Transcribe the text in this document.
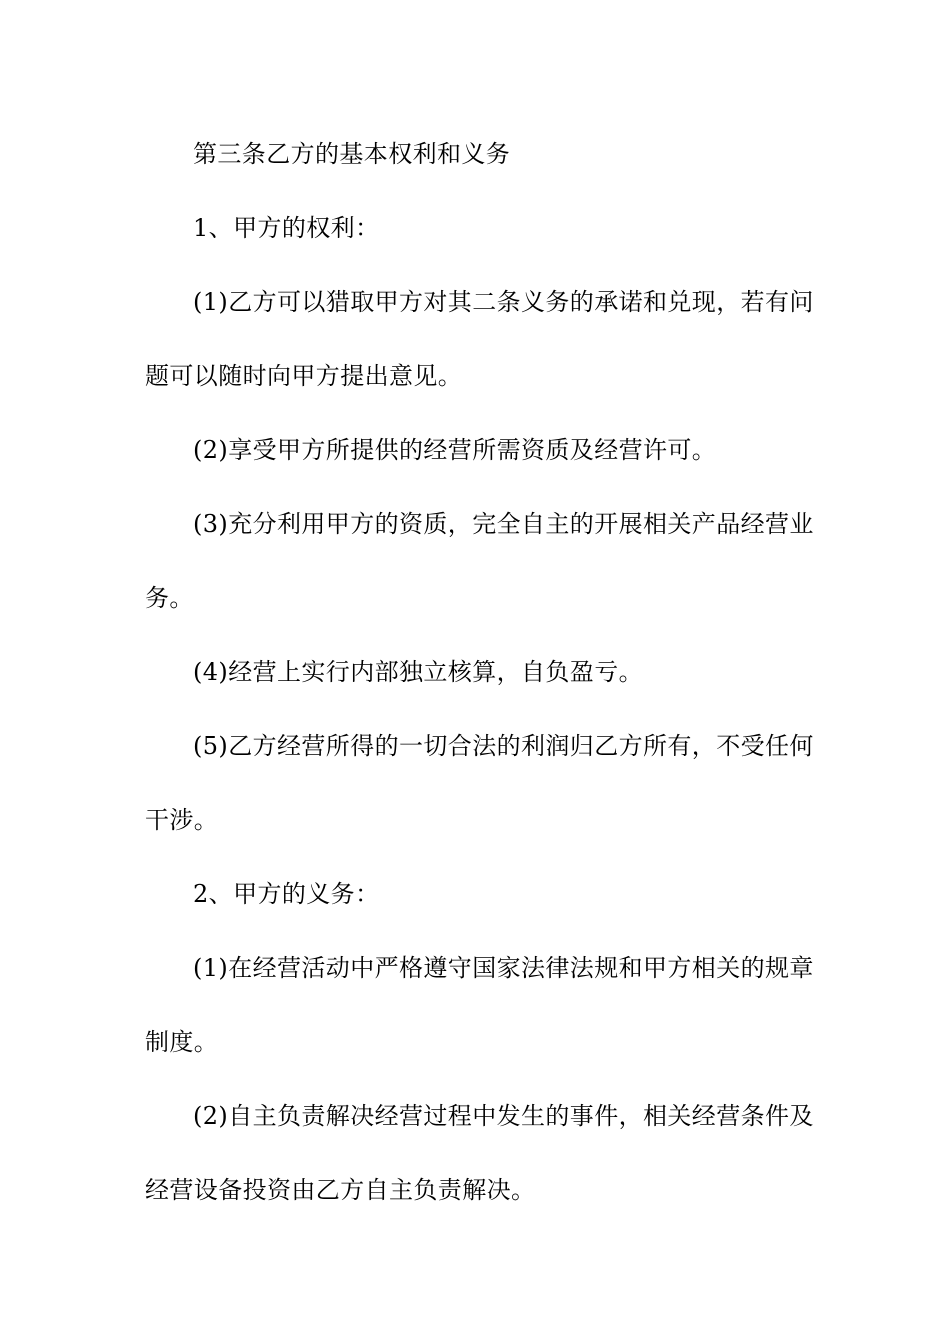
第三条乙方的基本权利和义务
1、甲方的权利：
(1)乙方可以猎取甲方对其二条义务的承诺和兑现，若有问
题可以随时向甲方提出意见。
(2)享受甲方所提供的经营所需资质及经营许可。
(3)充分利用甲方的资质，完全自主的开展相关产品经营业
务。
(4)经营上实行内部独立核算，自负盈亏。
(5)乙方经营所得的一切合法的利润归乙方所有，不受任何
干涉。
2、甲方的义务：
(1)在经营活动中严格遵守国家法律法规和甲方相关的规章
制度。
(2)自主负责解决经营过程中发生的事件，相关经营条件及
经营设备投资由乙方自主负责解决。
